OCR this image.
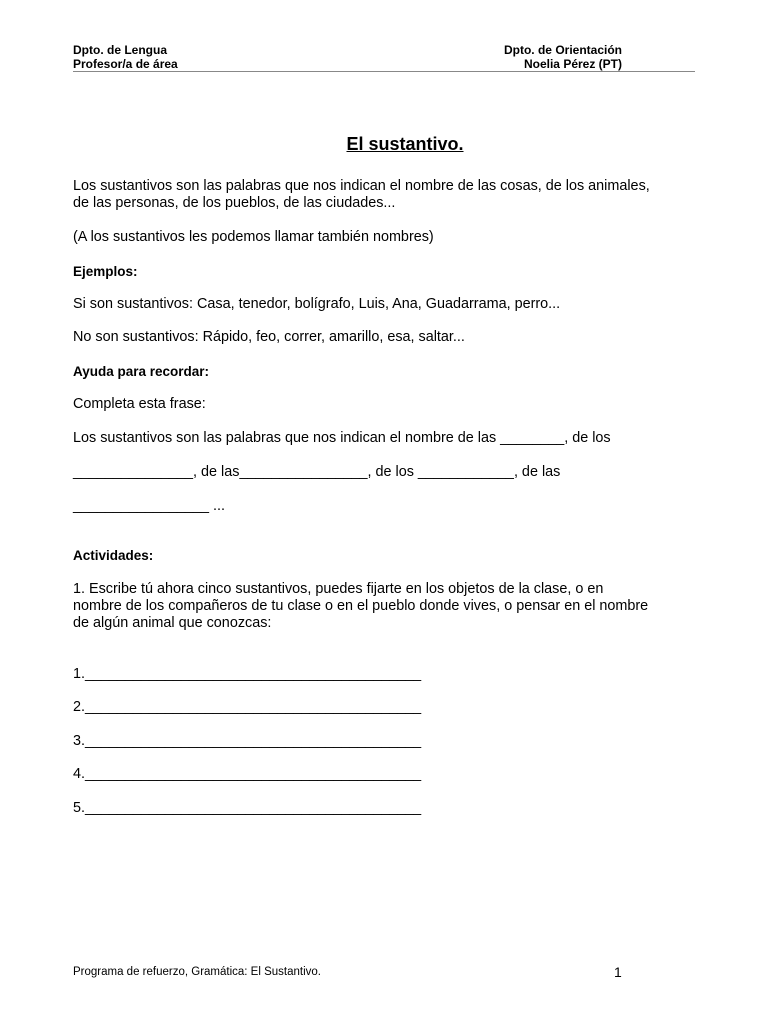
Dpto. de Lengua
Profesor/a de área
Dpto. de Orientación
Noelia Pérez (PT)
El sustantivo.
Los sustantivos son las palabras que nos indican el nombre de las cosas, de los animales,
de las personas, de los pueblos, de las ciudades...
(A los sustantivos les podemos llamar también nombres)
Ejemplos:
Si son sustantivos: Casa, tenedor, bolígrafo, Luis, Ana, Guadarrama, perro...
No son sustantivos: Rápido, feo, correr, amarillo, esa, saltar...
Ayuda para recordar:
Completa esta frase:
Los sustantivos son las palabras que nos indican el nombre de las ________, de los
_______________, de las________________, de los ____________, de las
_________________ ...
Actividades:
1. Escribe tú ahora cinco sustantivos, puedes fijarte en los objetos de la clase, o en
nombre de los compañeros de tu clase o en el pueblo donde vives, o pensar en el nombre
de algún animal que conozcas:
1.__________________________________________
2.__________________________________________
3.__________________________________________
4.__________________________________________
5.__________________________________________
Programa de refuerzo, Gramática: El Sustantivo.	1
